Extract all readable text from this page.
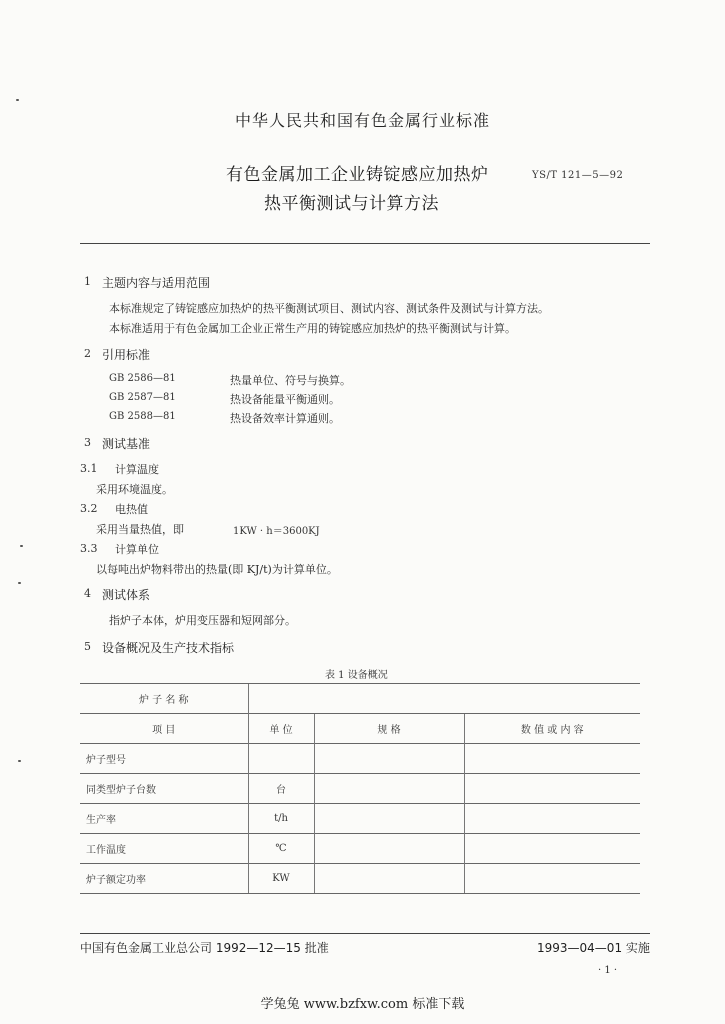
中华人民共和国有色金属行业标准
有色金属加工企业铸锭感应加热炉	YS/T 121—5—92
热平衡测试与计算方法
1 主题内容与适用范围
本标准规定了铸锭感应加热炉的热平衡测试项目、测试内容、测试条件及测试与计算方法。
本标准适用于有色金属加工企业正常生产用的铸锭感应加热炉的热平衡测试与计算。
2 引用标准
GB 2586—81	热量单位、符号与换算。
GB 2587—81	热设备能量平衡通则。
GB 2588—81	热设备效率计算通则。
3 测试基准
3.1 计算温度
采用环境温度。
3.2 电热值
采用当量热值，即	1KW · h＝3600KJ
3.3 计算单位
以每吨出炉物料带出的热量(即 KJ/t)为计算单位。
4 测试体系
指炉子本体，炉用变压器和短网部分。
5 设备概况及生产技术指标
表 1 设备概况
炉 子 名 称			
项 目	单 位	规 格	数 值 或 内 容
炉子型号			
同类型炉子台数	台		
生产率	t/h		
工作温度	℃		
炉子额定功率	KW		
中国有色金属工业总公司 1992—12—15 批准	1993—04—01 实施
· 1 ·
学兔兔 www.bzfxw.com 标准下载
